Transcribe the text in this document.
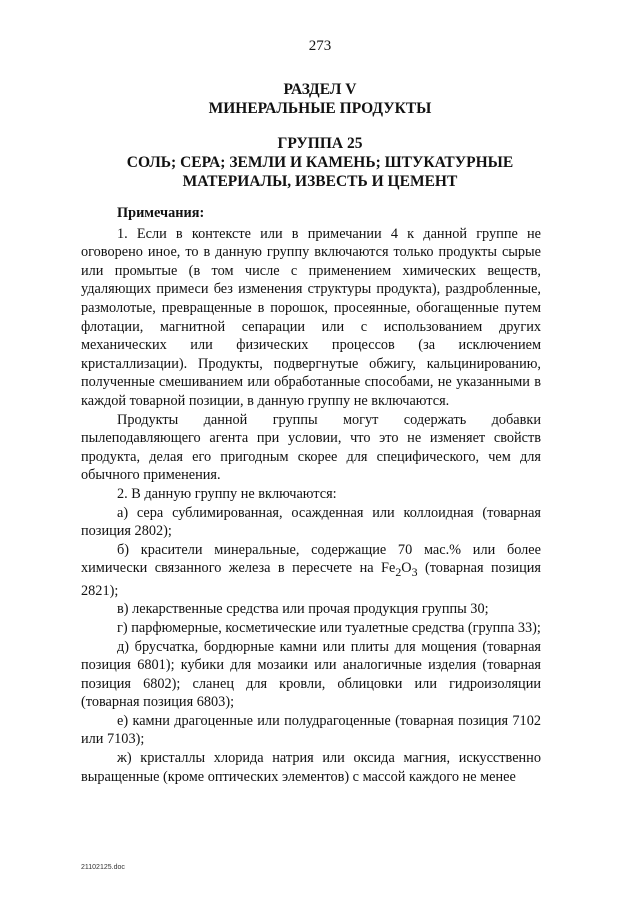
273
РАЗДЕЛ V
МИНЕРАЛЬНЫЕ ПРОДУКТЫ
ГРУППА 25
СОЛЬ; СЕРА; ЗЕМЛИ И КАМЕНЬ; ШТУКАТУРНЫЕ
МАТЕРИАЛЫ, ИЗВЕСТЬ И ЦЕМЕНТ

Примечания:

1. Если в контексте или в примечании 4 к данной группе не оговорено иное, то в данную группу включаются только продукты сырые или промытые (в том числе с применением химических веществ, удаляющих примеси без изменения структуры продукта), раздробленные, размолотые, превращенные в порошок, просеянные, обогащенные путем флотации, магнитной сепарации или с использованием других механических или физических процессов (за исключением кристаллизации). Продукты, подвергнутые обжигу, кальцинированию, полученные смешиванием или обработанные способами, не указанными в каждой товарной позиции, в данную группу не включаются.

Продукты данной группы могут содержать добавки пылеподавляющего агента при условии, что это не изменяет свойств продукта, делая его пригодным скорее для специфического, чем для обычного применения.

2. В данную группу не включаются:

а) сера сублимированная, осажденная или коллоидная (товарная позиция 2802);

б) красители минеральные, содержащие 70 мас.% или более химически связанного железа в пересчете на $Fe_2O_3$ (товарная позиция 2821);

в) лекарственные средства или прочая продукция группы 30;

г) парфюмерные, косметические или туалетные средства (группа 33);

д) брусчатка, бордюрные камни или плиты для мощения (товарная позиция 6801); кубики для мозаики или аналогичные изделия (товарная позиция 6802); сланец для кровли, облицовки или гидроизоляции (товарная позиция 6803);

е) камни драгоценные или полудрагоценные (товарная позиция 7102 или 7103);

ж) кристаллы хлорида натрия или оксида магния, искусственно выращенные (кроме оптических элементов) с массой каждого не менее

21102125.doc
